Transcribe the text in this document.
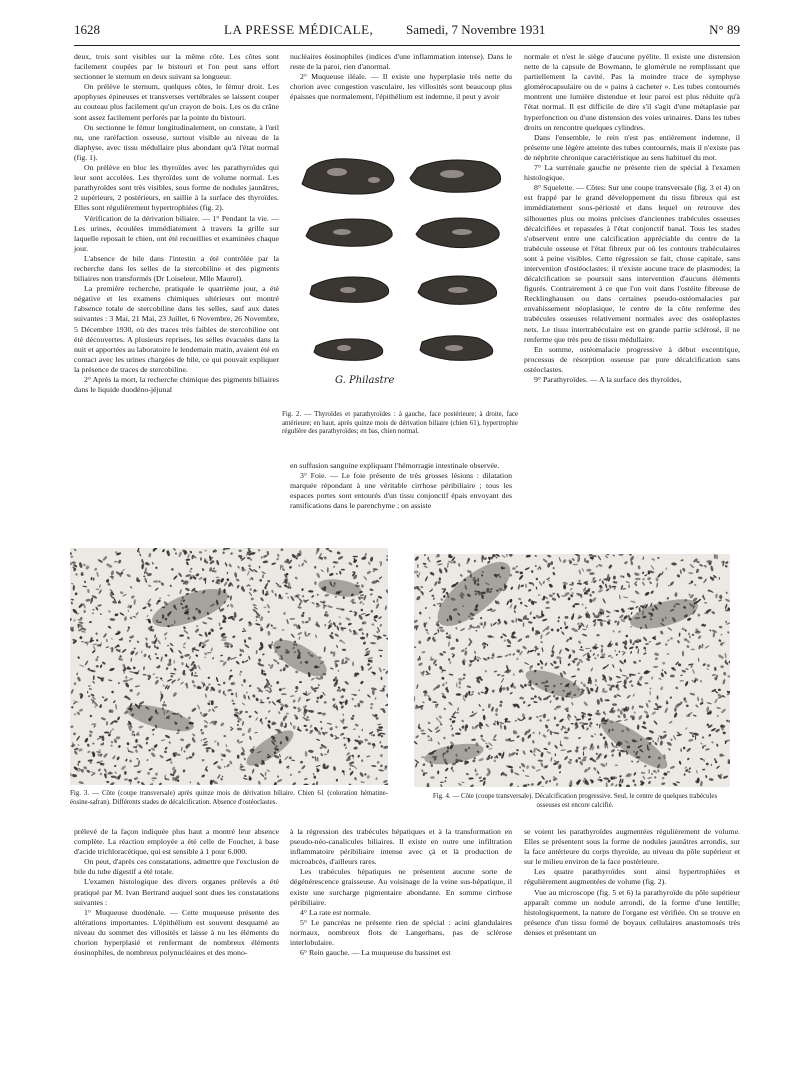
1628	LA PRESSE MÉDICALE,	Samedi, 7 Novembre 1931	N° 89

deux, trois sont visibles sur la même côte. Les côtes sont facilement coupées par le bistouri et l'on peut sans effort sectionner le sternum en deux suivant sa longueur.

On prélève le sternum, quelques côtes, le fémur droit. Les apophyses épineuses et transverses vertébrales se laissent couper au couteau plus facilement qu'un crayon de bois. Les os du crâne sont assez facilement perforés par la pointe du bistouri.

On sectionne le fémur longitudinalement, on constate, à l'œil nu, une raréfaction osseuse, surtout visible au niveau de la diaphyse, avec tissu médullaire plus abondant qu'à l'état normal (fig. 1).

On prélève en bloc les thyroïdes avec les parathyroïdes qui leur sont accolées. Les thyroïdes sont de volume normal. Les parathyroïdes sont très visibles, sous forme de nodules jaunâtres, 2 supérieurs, 2 postérieurs, en saillie à la surface des thyroïdes. Elles sont régulièrement hypertrophiées (fig. 2).

Vérification de la dérivation biliaire. — 1° Pendant la vie. — Les urines, écoulées immédiatement à travers la grille sur laquelle reposait le chien, ont été recueillies et examinées chaque jour.

L'absence de bile dans l'intestin a été contrôlée par la recherche dans les selles de la stercobiline et des pigments biliaires non transformés (Dr Loiseleur, Mlle Maurel).

La première recherche, pratiquée le quatrième jour, a été négative et les examens chimiques ultérieurs ont montré l'absence totale de stercobiline dans les selles, sauf aux dates suivantes : 3 Mai, 21 Mai, 23 Juillet, 6 Novembre, 26 Novembre, 5 Décembre 1930, où des traces très faibles de stercobiline ont été découvertes. A plusieurs reprises, les selles évacuées dans la nuit et apportées au laboratoire le lendemain matin, avaient été en contact avec les urines chargées de bile, ce qui pouvait expliquer la présence de traces de stercobiline.

2° Après la mort, la recherche chimique des pigments biliaires dans le liquide duodéno-jéjunal

nucléaires éosinophiles (indices d'une inflammation intense). Dans le reste de la paroi, rien d'anormal.

2° Muqueuse iléale. — Il existe une hyperplasie très nette du chorion avec congestion vasculaire, les villosités sont beaucoup plus épaisses que normalement, l'épithélium est indemne, il peut y avoir

G. Philastre
Fig. 2. — Thyroïdes et parathyroïdes : à gauche, face postérieure; à droite, face antérieure; en haut, après quinze mois de dérivation biliaire (chien 61), hypertrophie régulière des parathyroïdes; en bas, chien normal.

en suffusion sanguine expliquant l'hémorragie intestinale observée.

3° Foie. — Le foie présente de très grosses lésions : dilatation marquée répondant à une véritable cirrhose péribiliaire ; tous les espaces portes sont entourés d'un tissu conjonctif épais envoyant des ramifications dans le parenchyme ; on assiste

normale et n'est le siège d'aucune pyélite. Il existe une distension nette de la capsule de Bowmann, le glomérule ne remplissant que partiellement la cavité. Pas la moindre trace de symphyse glomérocapsulaire ou de « pains à cacheter ». Les tubes contournés montrent une lumière distendue et leur paroi est plus réduite qu'à l'état normal. Il est difficile de dire s'il s'agit d'une métaplasie par hyperfonction ou d'une distension des voies urinaires. Dans les tubes droits on rencontre quelques cylindres.

Dans l'ensemble, le rein n'est pas entièrement indemne, il présente une légère atteinte des tubes contournés, mais il n'existe pas de néphrite chronique caractéristique au sens habituel du mot.

7° La surrénale gauche ne présente rien de spécial à l'examen histologique.

8° Squelette. — Côtes: Sur une coupe transversale (fig. 3 et 4) on est frappé par le grand développement du tissu fibreux qui est immédiatement sous-périosté et dans lequel on retrouve des silhouettes plus ou moins précises d'anciennes trabécules osseuses décalcifiées et repassées à l'état conjonctif banal. Tous les stades s'observent entre une calcification appréciable du centre de la trabécule osseuse et l'état fibreux pur où les contours trabéculaires sont à peine visibles. Cette régression se fait, chose capitale, sans intervention d'ostéoclastes: il n'existe aucune trace de plasmodes; la décalcification se poursuit sans intervention d'aucuns éléments figurés. Contrairement à ce que l'on voit dans l'ostéite fibreuse de Recklinghausen ou dans certaines pseudo-ostéomalacies par envahissement néoplasique, le centre de la côte renferme des trabécules osseuses relativement normales avec des ostéoplastes nets. Le tissu intertrabéculaire est en grande partie sclérosé, il ne renferme que très peu de tissu médullaire.

En somme, ostéomalacie progressive à début excentrique, processus de résorption osseuse par pure décalcification sans ostéoclastes.

9° Parathyroïdes. — A la surface des thyroïdes,

Fig. 3. — Côte (coupe transversale) après quinze mois de dérivation biliaire. Chien 61 (coloration hématine-éosine-safran). Différents stades de décalcification. Absence d'ostéoclastes.
Fig. 4. — Côte (coupe transversale). Décalcification progressive. Seul, le centre de quelques trabécules osseuses est encore calcifié.

prélevé de la façon indiquée plus haut a montré leur absence complète. La réaction employée a été celle de Fouchet, à base d'acide trichloracétique, qui est sensible à 1 pour 6.000.

On peut, d'après ces constatations, admettre que l'exclusion de bile du tube digestif a été totale.

L'examen histologique des divers organes prélevés a été pratiqué par M. Ivan Bertrand auquel sont dues les constatations suivantes :

1° Muqueuse duodénale. — Cette muqueuse présente des altérations importantes. L'épithélium est souvent desquamé au niveau du sommet des villosités et laisse à nu les éléments du chorion hyperplasié et renfermant de nombreux éléments éosinophiles, de nombreux polynucléaires et des mono-

à la régression des trabécules hépatiques et à la transformation en pseudo-néo-canalicules biliaires. Il existe en outre une infiltration inflammatoire péribiliaire intense avec çà et là production de microabcès, d'ailleurs rares.

Les trabécules hépatiques ne présentent aucune sorte de dégénérescence graisseuse. Au voisinage de la veine sus-hépatique, il existe une surcharge pigmentaire abondante. En somme cirrhose péribiliaire.

4° La rate est normale.

5° Le pancréas ne présente rien de spécial : acini glandulaires normaux, nombreux flots de Langerhans, pas de sclérose interlobulaire.

6° Rein gauche. — La muqueuse du bassinet est

se voient les parathyroïdes augmentées régulièrement de volume. Elles se présentent sous la forme de nodules jaunâtres arrondis, sur la face antérieure du corps thyroïde, au niveau du pôle supérieur et sur le milieu environ de la face postérieure.

Les quatre parathyroïdes sont ainsi hypertrophiées et régulièrement augmentées de volume (fig. 2).

Vue au microscope (fig. 5 et 6) la parathyroïde du pôle supérieur apparaît comme un nodule arrondi, de la forme d'une lentille; histologiquement, la nature de l'organe est vérifiée. On se trouve en présence d'un tissu formé de boyaux cellulaires anastomosés très denses et présentant un
